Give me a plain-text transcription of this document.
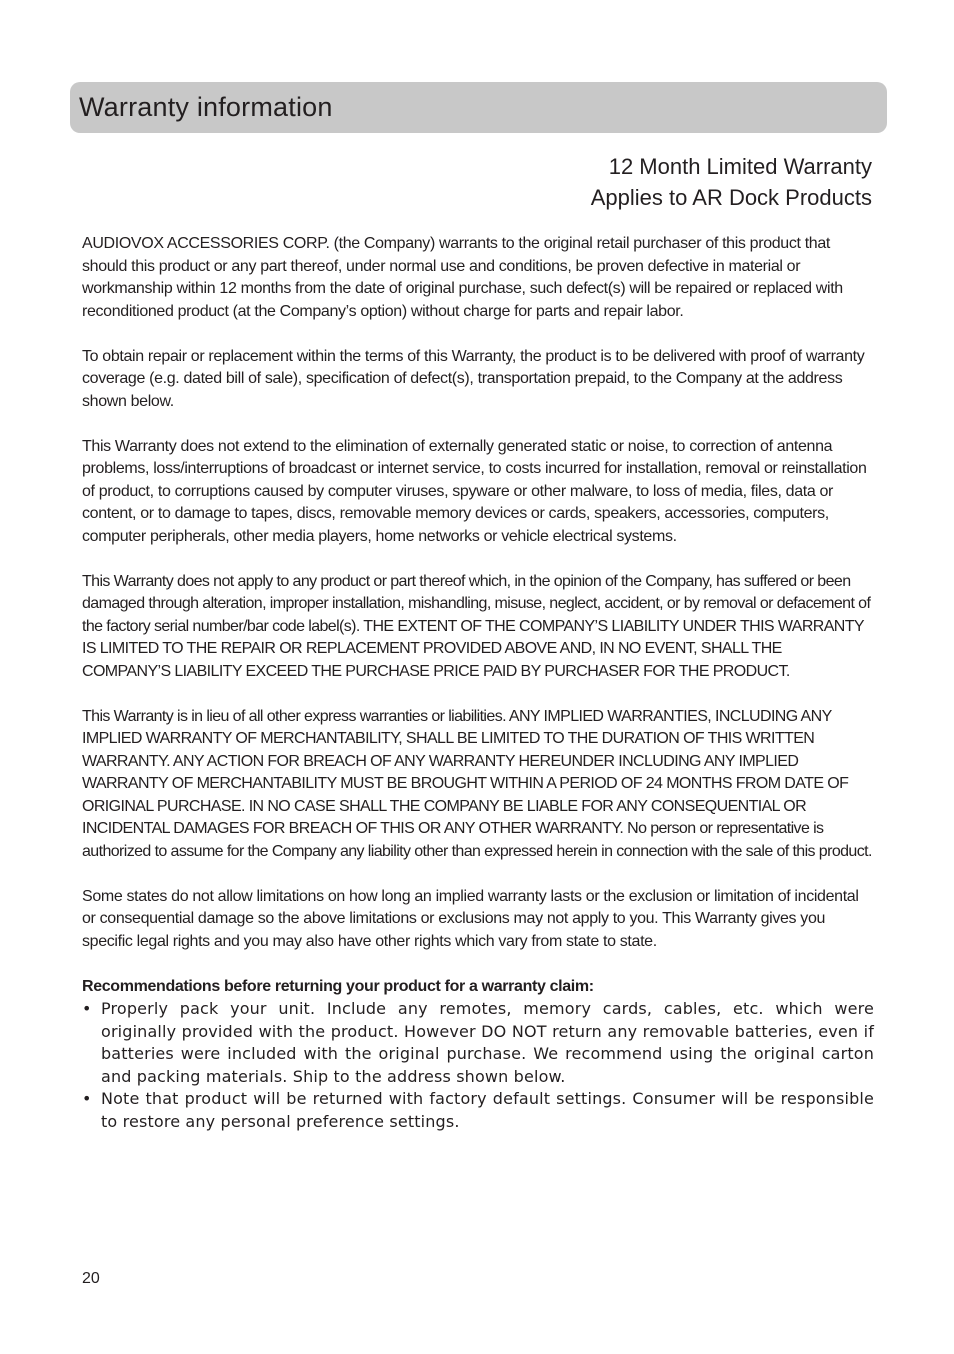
Warranty information
12 Month Limited Warranty
Applies to AR Dock Products

AUDIOVOX ACCESSORIES CORP. (the Company) warrants to the original retail purchaser of this product that should this product or any part thereof, under normal use and conditions, be proven defective in material or workmanship within 12 months from the date of original purchase, such defect(s) will be repaired or replaced with reconditioned product (at the Company’s option) without charge for parts and repair labor.

To obtain repair or replacement within the terms of this Warranty, the product is to be delivered with proof of warranty coverage (e.g. dated bill of sale), specification of defect(s), transportation prepaid, to the Company at the address shown below.

This Warranty does not extend to the elimination of externally generated static or noise, to correction of antenna problems, loss/interruptions of broadcast or internet service, to costs incurred for installation, removal or reinstallation of product, to corruptions caused by computer viruses, spyware or other malware, to loss of media, files, data or content, or to damage to tapes, discs, removable memory devices or cards, speakers, accessories, computers, computer peripherals, other media players, home networks or vehicle electrical systems.

This Warranty does not apply to any product or part thereof which, in the opinion of the Company, has suffered or been damaged through alteration, improper installation, mishandling, misuse, neglect, accident, or by removal or defacement of the factory serial number/bar code label(s). THE EXTENT OF THE COMPANY’S LIABILITY UNDER THIS WARRANTY IS LIMITED TO THE REPAIR OR REPLACEMENT PROVIDED ABOVE AND, IN NO EVENT, SHALL THE COMPANY’S LIABILITY EXCEED THE PURCHASE PRICE PAID BY PURCHASER FOR THE PRODUCT.

This Warranty is in lieu of all other express warranties or liabilities. ANY IMPLIED WARRANTIES, INCLUDING ANY IMPLIED WARRANTY OF MERCHANTABILITY, SHALL BE LIMITED TO THE DURATION OF THIS WRITTEN WARRANTY. ANY ACTION FOR BREACH OF ANY WARRANTY HEREUNDER INCLUDING ANY IMPLIED WARRANTY OF MERCHANTABILITY MUST BE BROUGHT WITHIN A PERIOD OF 24 MONTHS FROM DATE OF ORIGINAL PURCHASE. IN NO CASE SHALL THE COMPANY BE LIABLE FOR ANY CONSEQUENTIAL OR INCIDENTAL DAMAGES FOR BREACH OF THIS OR ANY OTHER WARRANTY. No person or representative is authorized to assume for the Company any liability other than expressed herein in connection with the sale of this product.

Some states do not allow limitations on how long an implied warranty lasts or the exclusion or limitation of incidental or consequential damage so the above limitations or exclusions may not apply to you. This Warranty gives you specific legal rights and you may also have other rights which vary from state to state.

Recommendations before returning your product for a warranty claim:
• Properly pack your unit. Include any remotes, memory cards, cables, etc. which were originally provided with the product. However DO NOT return any removable batteries, even if batteries were included with the original purchase. We recommend using the original carton and packing materials. Ship to the address shown below.
• Note that product will be returned with factory default settings. Consumer will be responsible to restore any personal preference settings.
20
